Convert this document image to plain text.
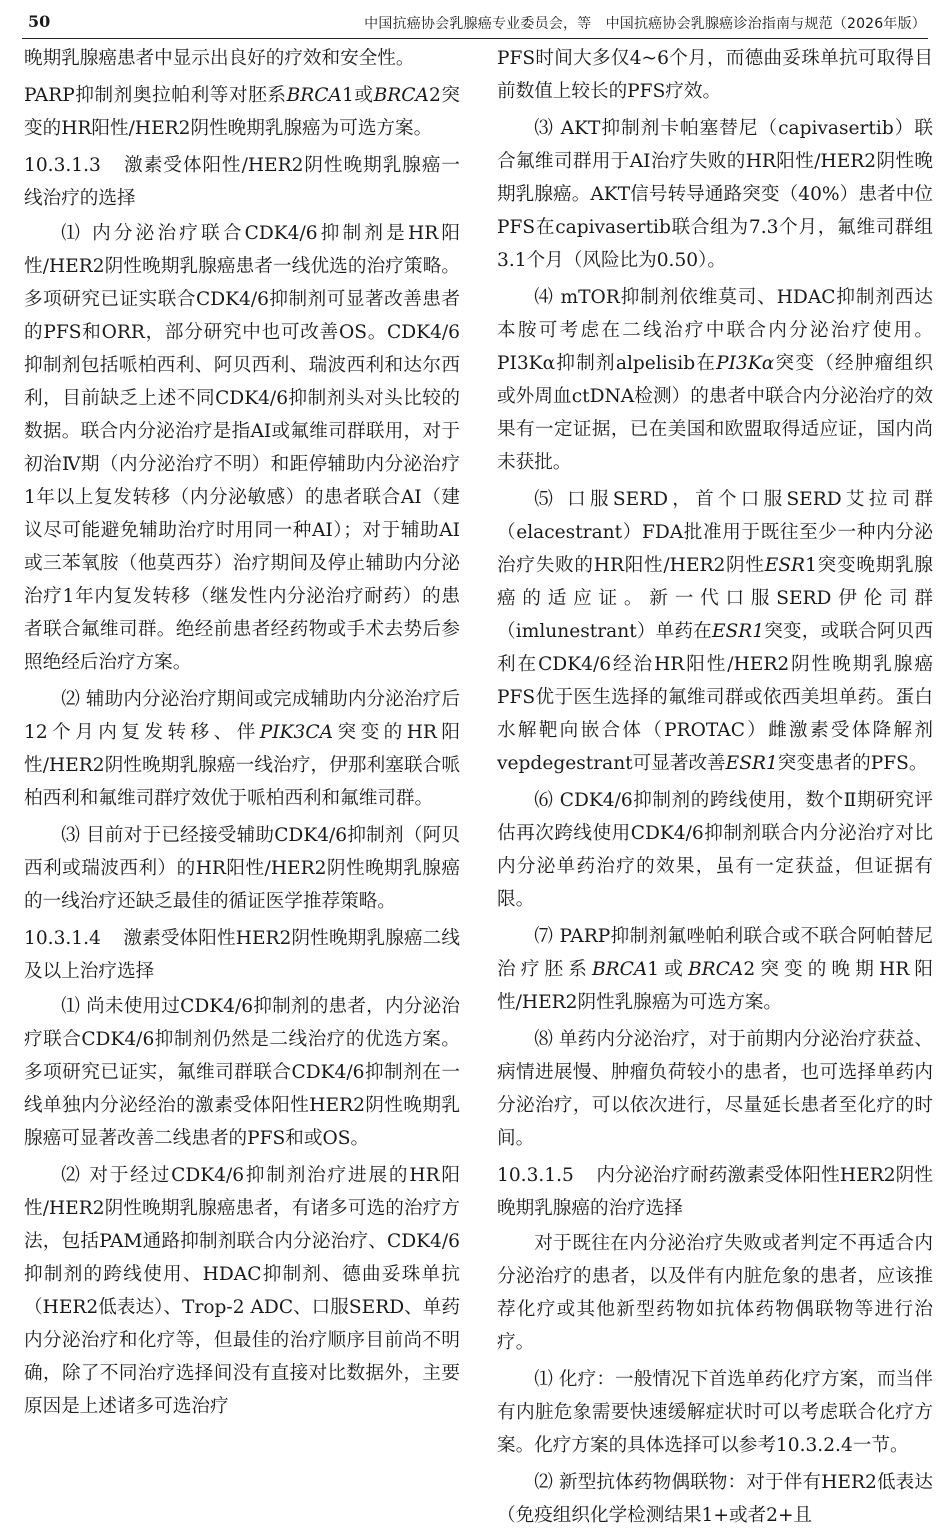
50	中国抗癌协会乳腺癌专业委员会，等　中国抗癌协会乳腺癌诊治指南与规范（2026年版）

晚期乳腺癌患者中显示出良好的疗效和安全性。

PARP抑制剂奥拉帕利等对胚系BRCA1或BRCA2突变的HR阳性/HER2阴性晚期乳腺癌为可选方案。

10.3.1.3 激素受体阳性/HER2阴性晚期乳腺癌一线治疗的选择

⑴ 内分泌治疗联合CDK4/6抑制剂是HR阳性/HER2阴性晚期乳腺癌患者一线优选的治疗策略。多项研究已证实联合CDK4/6抑制剂可显著改善患者的PFS和ORR，部分研究中也可改善OS。CDK4/6抑制剂包括哌柏西利、阿贝西利、瑞波西利和达尔西利，目前缺乏上述不同CDK4/6抑制剂头对头比较的数据。联合内分泌治疗是指AI或氟维司群联用，对于初治Ⅳ期（内分泌治疗不明）和距停辅助内分泌治疗1年以上复发转移（内分泌敏感）的患者联合AI（建议尽可能避免辅助治疗时用同一种AI）；对于辅助AI或三苯氧胺（他莫西芬）治疗期间及停止辅助内分泌治疗1年内复发转移（继发性内分泌治疗耐药）的患者联合氟维司群。绝经前患者经药物或手术去势后参照绝经后治疗方案。

⑵ 辅助内分泌治疗期间或完成辅助内分泌治疗后12个月内复发转移、伴PIK3CA突变的HR阳性/HER2阴性晚期乳腺癌一线治疗，伊那利塞联合哌柏西利和氟维司群疗效优于哌柏西利和氟维司群。

⑶ 目前对于已经接受辅助CDK4/6抑制剂（阿贝西利或瑞波西利）的HR阳性/HER2阴性晚期乳腺癌的一线治疗还缺乏最佳的循证医学推荐策略。

10.3.1.4 激素受体阳性HER2阴性晚期乳腺癌二线及以上治疗选择

⑴ 尚未使用过CDK4/6抑制剂的患者，内分泌治疗联合CDK4/6抑制剂仍然是二线治疗的优选方案。多项研究已证实，氟维司群联合CDK4/6抑制剂在一线单独内分泌经治的激素受体阳性HER2阴性晚期乳腺癌可显著改善二线患者的PFS和或OS。

⑵ 对于经过CDK4/6抑制剂治疗进展的HR阳性/HER2阴性晚期乳腺癌患者，有诸多可选的治疗方法，包括PAM通路抑制剂联合内分泌治疗、CDK4/6抑制剂的跨线使用、HDAC抑制剂、德曲妥珠单抗（HER2低表达）、Trop-2 ADC、口服SERD、单药内分泌治疗和化疗等，但最佳的治疗顺序目前尚不明确，除了不同治疗选择间没有直接对比数据外，主要原因是上述诸多可选治疗

PFS时间大多仅4~6个月，而德曲妥珠单抗可取得目前数值上较长的PFS疗效。

⑶ AKT抑制剂卡帕塞替尼（capivasertib）联合氟维司群用于AI治疗失败的HR阳性/HER2阴性晚期乳腺癌。AKT信号转导通路突变（40%）患者中位PFS在capivasertib联合组为7.3个月，氟维司群组3.1个月（风险比为0.50）。

⑷ mTOR抑制剂依维莫司、HDAC抑制剂西达本胺可考虑在二线治疗中联合内分泌治疗使用。PI3Kα抑制剂alpelisib在PI3Kα突变（经肿瘤组织或外周血ctDNA检测）的患者中联合内分泌治疗的效果有一定证据，已在美国和欧盟取得适应证，国内尚未获批。

⑸ 口服SERD，首个口服SERD艾拉司群（elacestrant）FDA批准用于既往至少一种内分泌治疗失败的HR阳性/HER2阴性ESR1突变晚期乳腺癌的适应证。新一代口服SERD伊伦司群（imlunestrant）单药在ESR1突变，或联合阿贝西利在CDK4/6经治HR阳性/HER2阴性晚期乳腺癌PFS优于医生选择的氟维司群或依西美坦单药。蛋白水解靶向嵌合体（PROTAC）雌激素受体降解剂vepdegestrant可显著改善ESR1突变患者的PFS。

⑹ CDK4/6抑制剂的跨线使用，数个Ⅱ期研究评估再次跨线使用CDK4/6抑制剂联合内分泌治疗对比内分泌单药治疗的效果，虽有一定获益，但证据有限。

⑺ PARP抑制剂氟唑帕利联合或不联合阿帕替尼治疗胚系BRCA1或BRCA2突变的晚期HR阳性/HER2阴性乳腺癌为可选方案。

⑻ 单药内分泌治疗，对于前期内分泌治疗获益、病情进展慢、肿瘤负荷较小的患者，也可选择单药内分泌治疗，可以依次进行，尽量延长患者至化疗的时间。

10.3.1.5 内分泌治疗耐药激素受体阳性HER2阴性晚期乳腺癌的治疗选择

对于既往在内分泌治疗失败或者判定不再适合内分泌治疗的患者，以及伴有内脏危象的患者，应该推荐化疗或其他新型药物如抗体药物偶联物等进行治疗。

⑴ 化疗：一般情况下首选单药化疗方案，而当伴有内脏危象需要快速缓解症状时可以考虑联合化疗方案。化疗方案的具体选择可以参考10.3.2.4一节。

⑵ 新型抗体药物偶联物：对于伴有HER2低表达（免疫组织化学检测结果1+或者2+且
